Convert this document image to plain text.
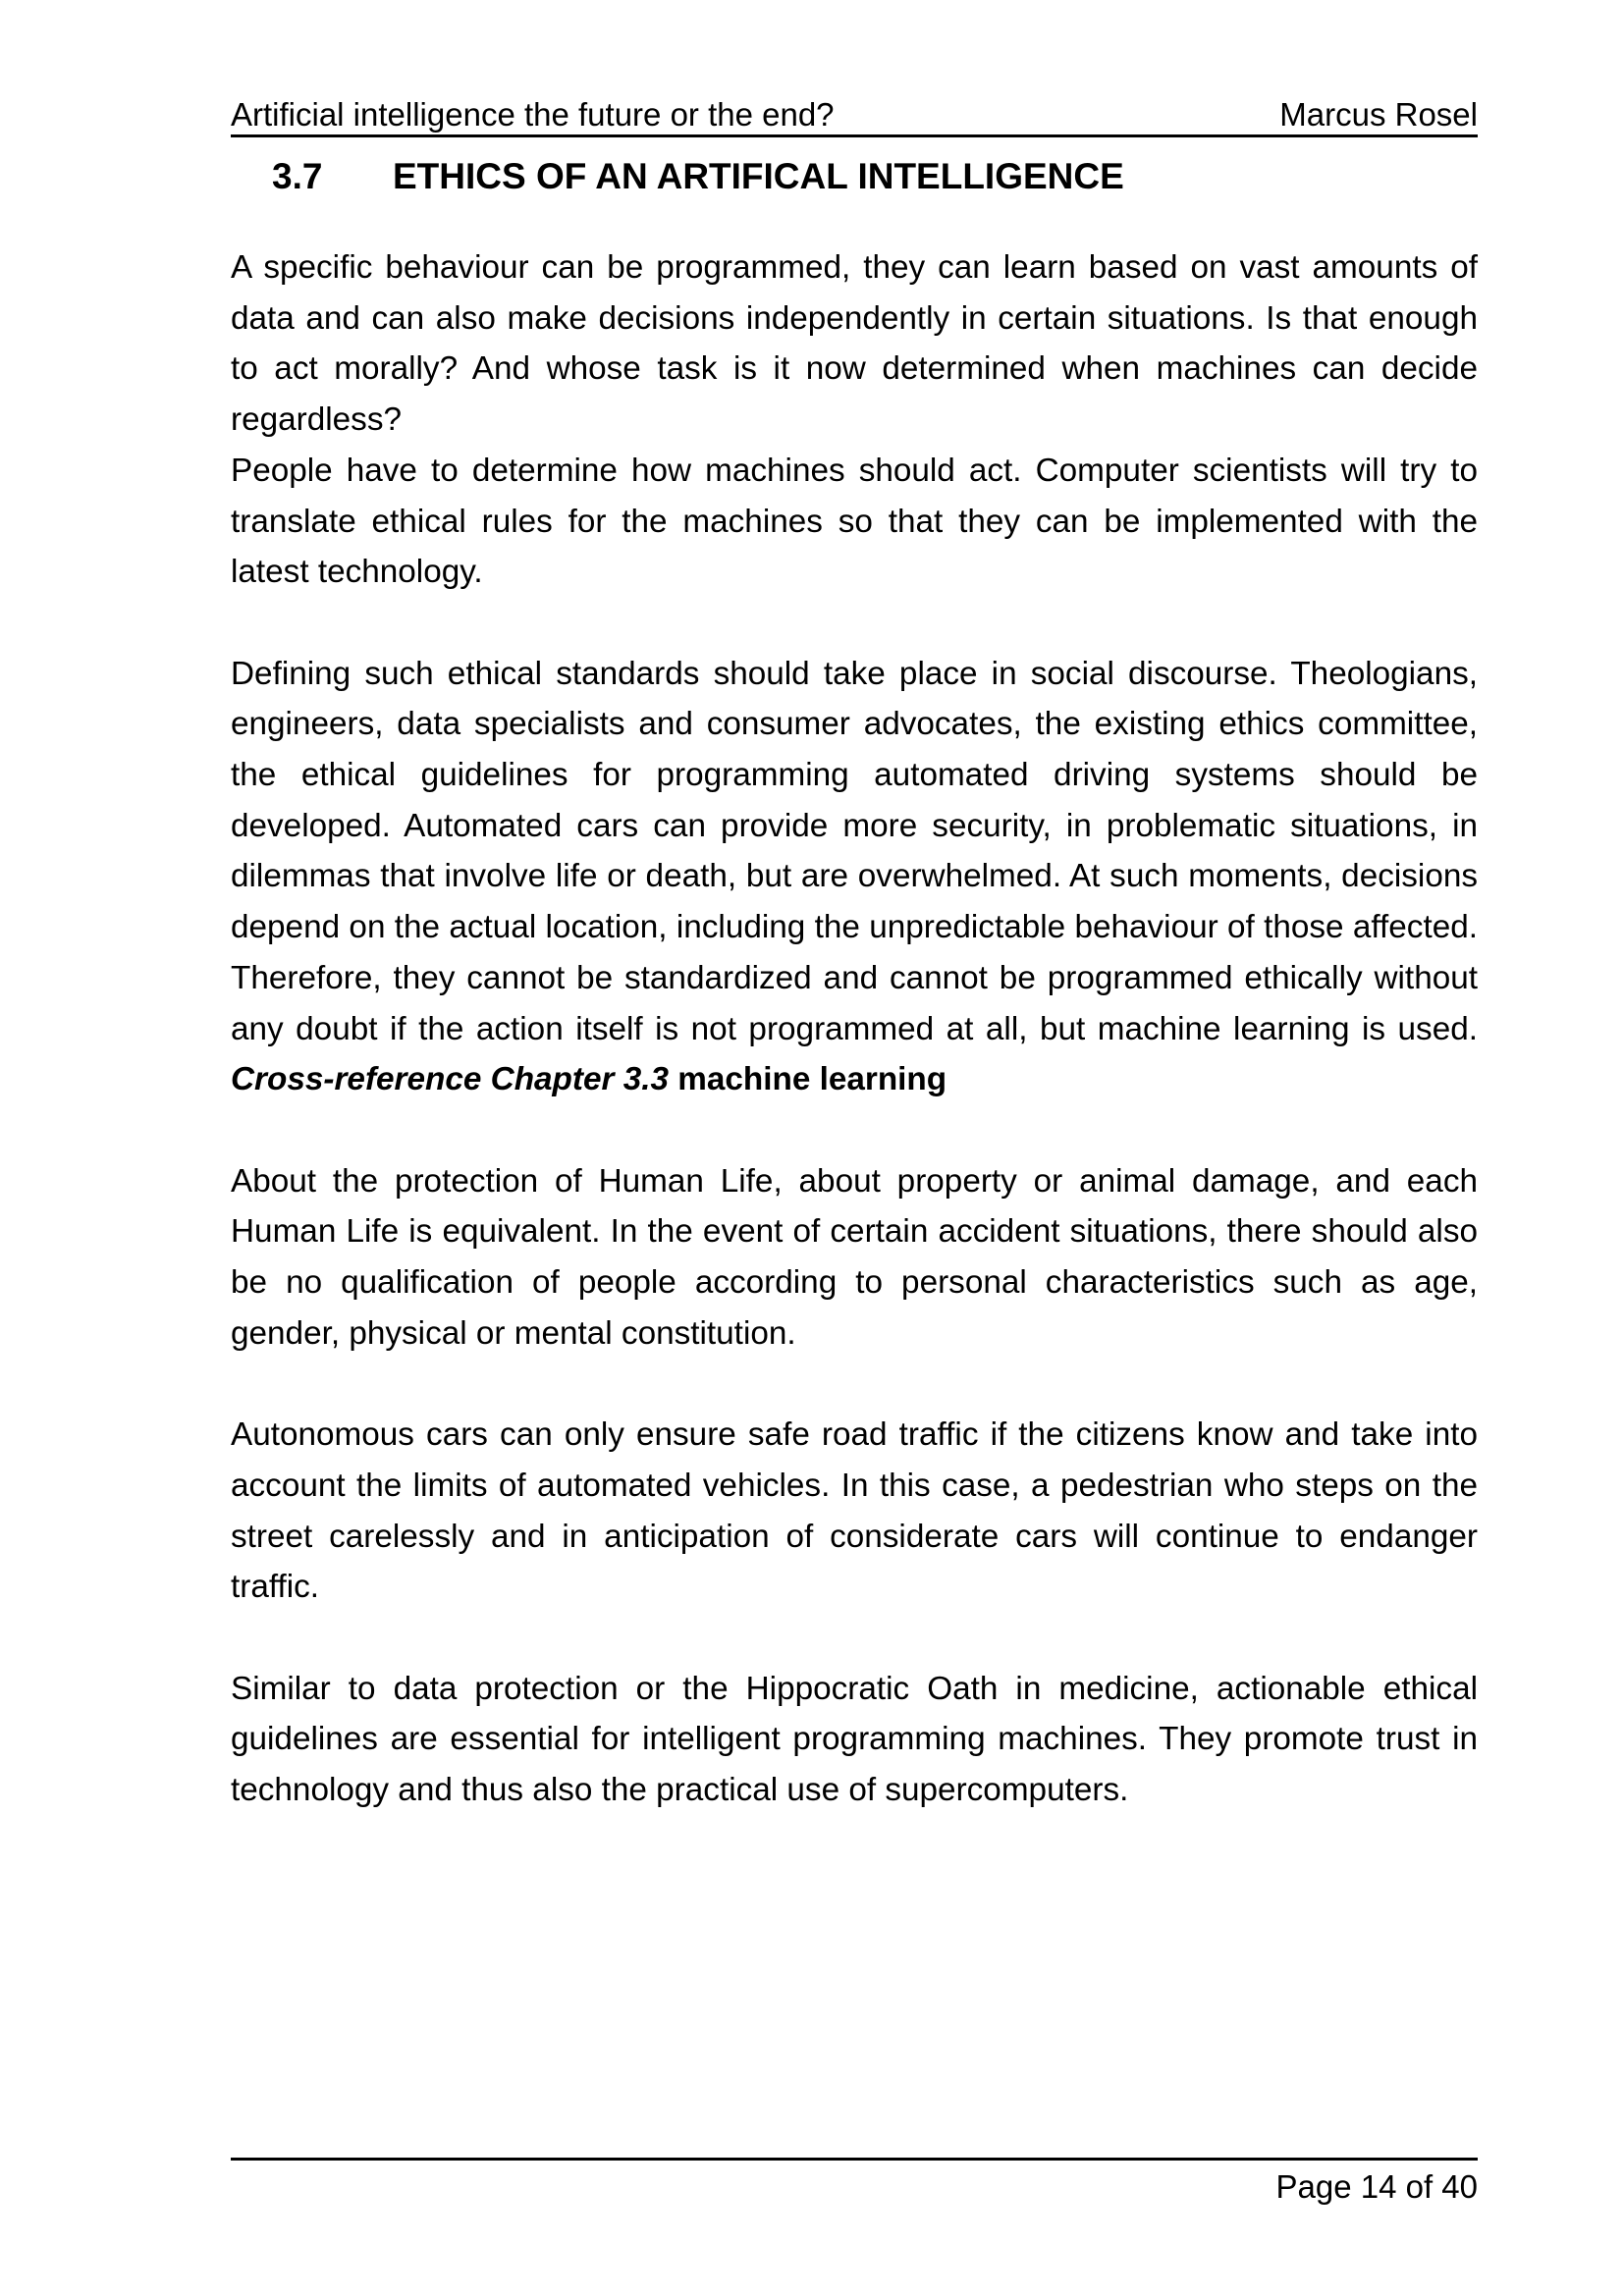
Artificial intelligence the future or the end?	Marcus Rosel
3.7 ETHICS OF AN ARTIFICAL INTELLIGENCE

A specific behaviour can be programmed, they can learn based on vast amounts of data and can also make decisions independently in certain situations. Is that enough to act morally? And whose task is it now determined when machines can decide regardless?

People have to determine how machines should act. Computer scientists will try to translate ethical rules for the machines so that they can be implemented with the latest technology.

Defining such ethical standards should take place in social discourse. Theologians, engineers, data specialists and consumer advocates, the existing ethics committee, the ethical guidelines for programming automated driving systems should be developed. Automated cars can provide more security, in problematic situations, in dilemmas that involve life or death, but are overwhelmed. At such moments, decisions depend on the actual location, including the unpredictable behaviour of those affected. Therefore, they cannot be standardized and cannot be programmed ethically without any doubt if the action itself is not programmed at all, but machine learning is used. Cross-reference Chapter 3.3 machine learning

About the protection of Human Life, about property or animal damage, and each Human Life is equivalent. In the event of certain accident situations, there should also be no qualification of people according to personal characteristics such as age, gender, physical or mental constitution.

Autonomous cars can only ensure safe road traffic if the citizens know and take into account the limits of automated vehicles. In this case, a pedestrian who steps on the street carelessly and in anticipation of considerate cars will continue to endanger traffic.

Similar to data protection or the Hippocratic Oath in medicine, actionable ethical guidelines are essential for intelligent programming machines. They promote trust in technology and thus also the practical use of supercomputers.

Page 14 of 40
